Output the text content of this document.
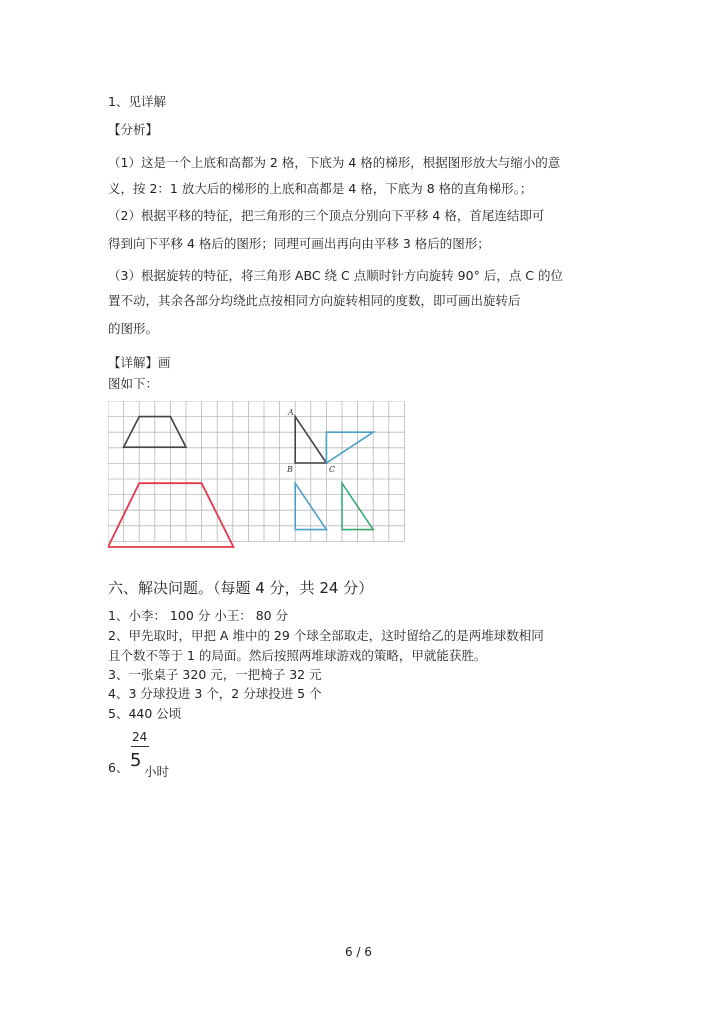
1、见详解
【分析】
（1）这是一个上底和高都为 2 格，下底为 4 格的梯形，根据图形放大与缩小的意
义，按 2：1 放大后的梯形的上底和高都是 4 格，下底为 8 格的直角梯形。；
（2）根据平移的特征，把三角形的三个顶点分别向下平移 4 格，首尾连结即可
得到向下平移 4 格后的图形；同理可画出再向由平移 3 格后的图形；
（3）根据旋转的特征，将三角形 ABC 绕 C 点顺时针方向旋转 90° 后，点 C 的位
置不动，其余各部分均绕此点按相同方向旋转相同的度数，即可画出旋转后
的图形。
【详解】画
图如下：
A
B	C
六、解决问题。（每题 4 分，共 24 分）
1、小李： 100 分 小王： 80 分
2、甲先取时，甲把 A 堆中的 29 个球全部取走，这时留给乙的是两堆球数相同
且个数不等于 1 的局面。然后按照两堆球游戏的策略，甲就能获胜。
3、一张桌子 320 元，一把椅子 32 元
4、3 分球投进 3 个，2 分球投进 5 个
5、440 公顷
24
6、 5
小时
6 / 6
